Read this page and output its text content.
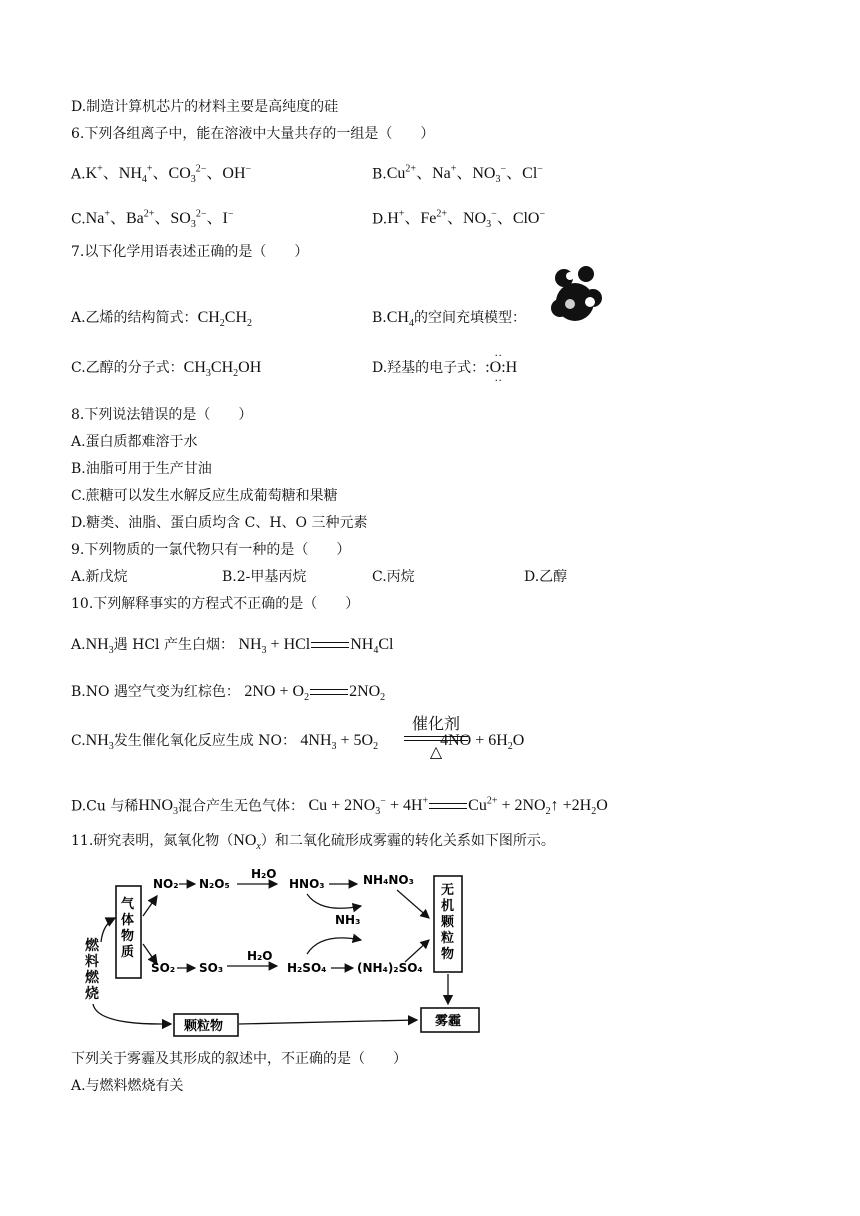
D.制造计算机芯片的材料主要是高纯度的硅
6.下列各组离子中，能在溶液中大量共存的一组是（　　）
A.K+、$NH_4^+$、$CO_3^{2-}$、OH−	$B.Cu^{2+}$、Na+、$NO_3^-$、Cl−
C.Na+、$Ba^{2+}$、$SO_3^{2-}$、I−	D.H+、$Fe^{2+}$、$NO_3^-$、ClO−
7.以下化学用语表述正确的是（　　）
A.乙烯的结构简式：$CH_2CH_2$	$B.CH_4$的空间充填模型：
C.乙醇的分子式：$CH_3CH_2OH$	D.羟基的电子式：:O:H
··
··
8.下列说法错误的是（　　）
A.蛋白质都难溶于水
B.油脂可用于生产甘油
C.蔗糖可以发生水解反应生成葡萄糖和果糖
D.糖类、油脂、蛋白质均含 C、H、O 三种元素
9.下列物质的一氯代物只有一种的是（　　）
A.新戊烷	B.2-甲基丙烷	C.丙烷	D.乙醇
10.下列解释事实的方程式不正确的是（　　）
$A.NH_3$遇 HCl 产生白烟： $NH_3$ + HCl	$NH_4Cl$
B.NO 遇空气变为红棕色： $2NO + O_2$	$2NO_2$
$C.NH_3$发生催化氧化反应生成 NO： $4NH_3 + 5O_2$	$4NO + 6H_2O$
催化剂
△
D.Cu 与稀$HNO_3$混合产生无色气体： $Cu + 2NO_3^- + 4H^+$	$Cu^{2+}$ + $2NO_2↑ +2H_2O$
11.研究表明，氮氧化物$(NO_x)$和二氧化硫形成雾霾的转化关系如下图所示。
燃
料
燃
烧
气
体
物
质
NO₂ N₂O₅
H₂O
HNO₃	NH₄NO₃
NH₃
SO₂ SO₃
H₂O
H₂SO₄	(NH₄)₂SO₄
无
机
颗
粒
物
颗粒物	雾霾
下列关于雾霾及其形成的叙述中，不正确的是（　　）
A.与燃料燃烧有关
